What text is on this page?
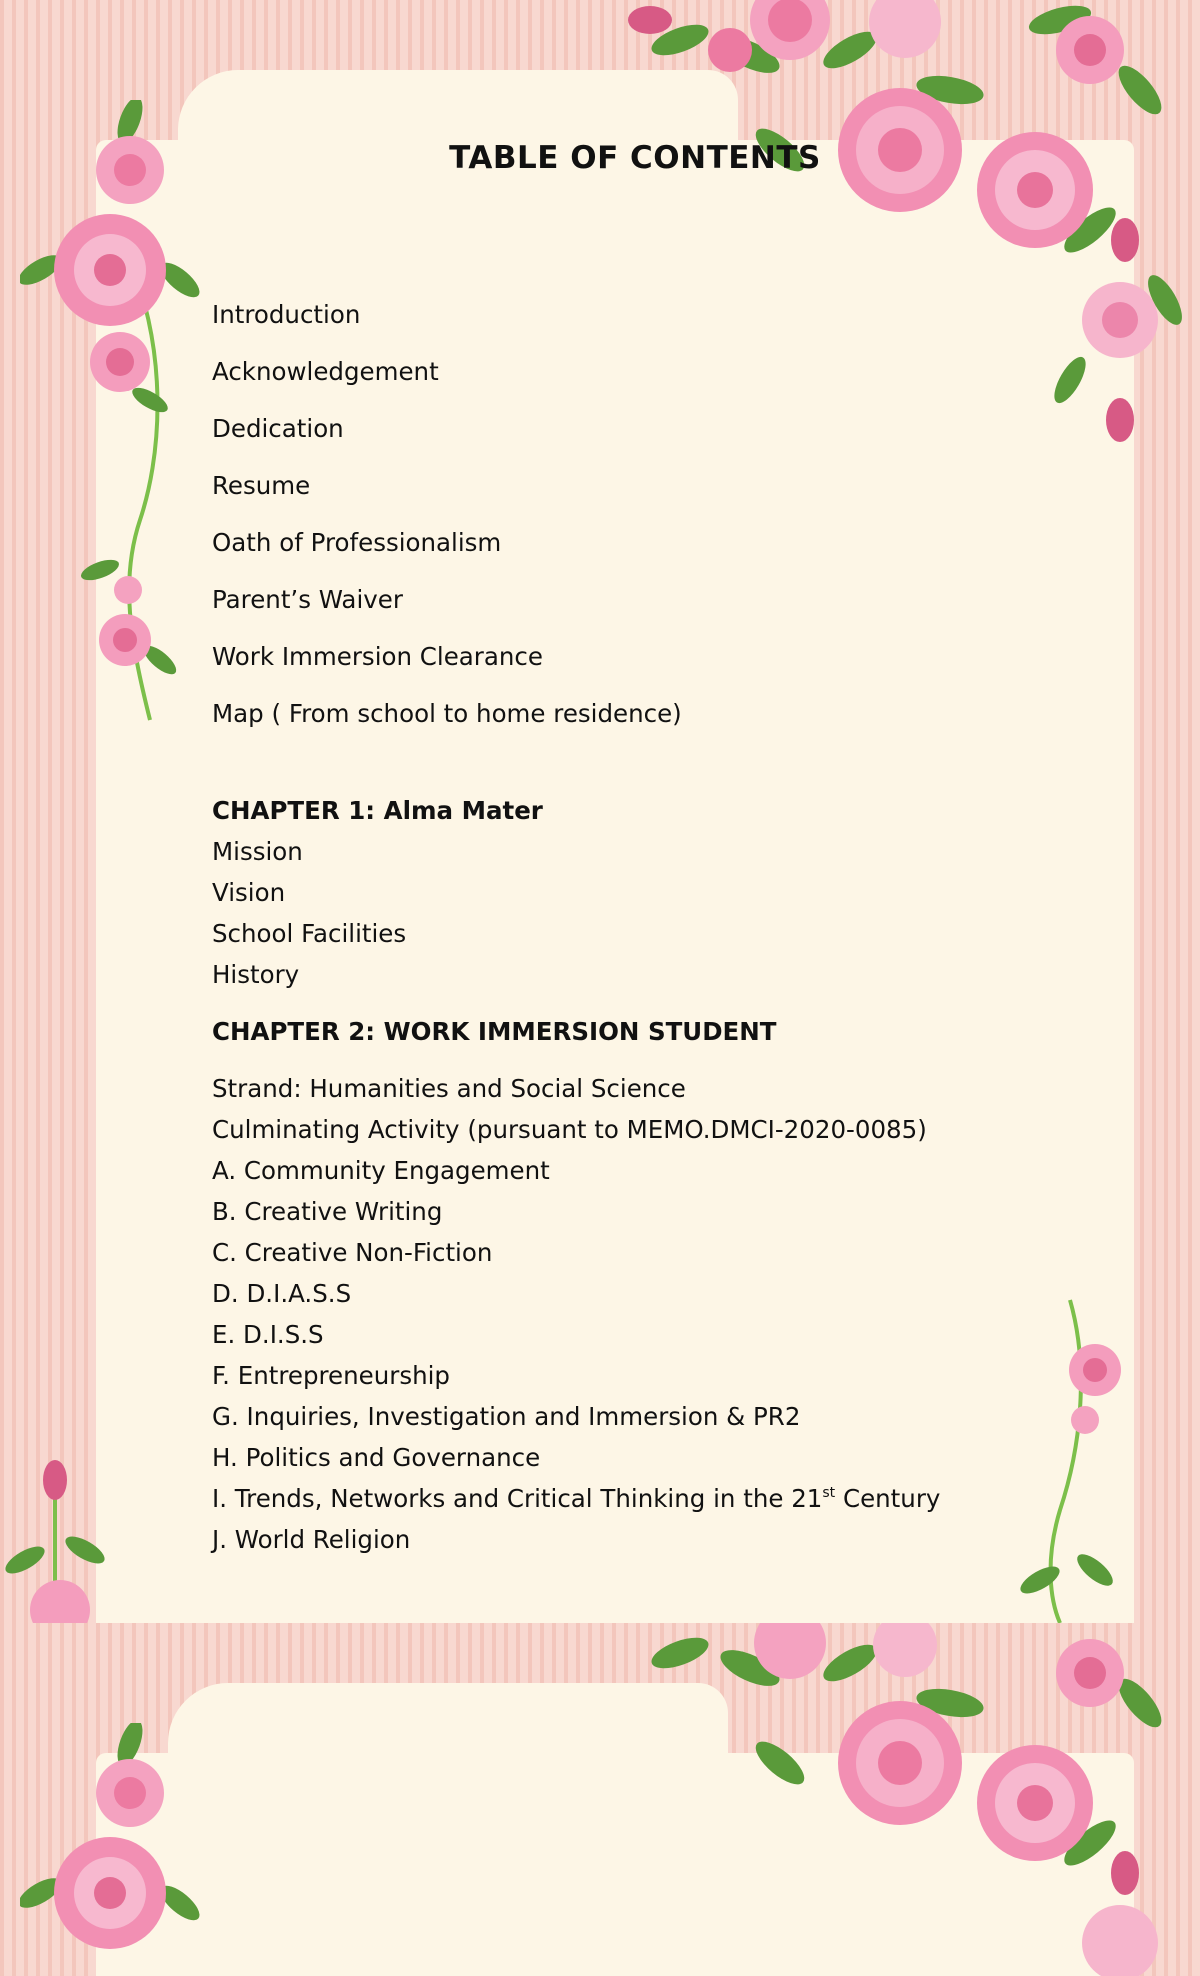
TABLE OF CONTENTS
Introduction
Acknowledgement
Dedication
Resume
Oath of Professionalism
Parent’s Waiver
Work Immersion Clearance
Map ( From school to home residence)
CHAPTER 1: Alma Mater
Mission
Vision
School Facilities
History
CHAPTER 2: WORK IMMERSION STUDENT
Strand: Humanities and Social Science
Culminating Activity (pursuant to MEMO.DMCI-2020-0085)
A. Community Engagement
B. Creative Writing
C. Creative Non-Fiction
D. D.I.A.S.S
E. D.I.S.S
F. Entrepreneurship
G. Inquiries, Investigation and Immersion & PR2
H. Politics and Governance
I. Trends, Networks and Critical Thinking in the 21st Century
J. World Religion
